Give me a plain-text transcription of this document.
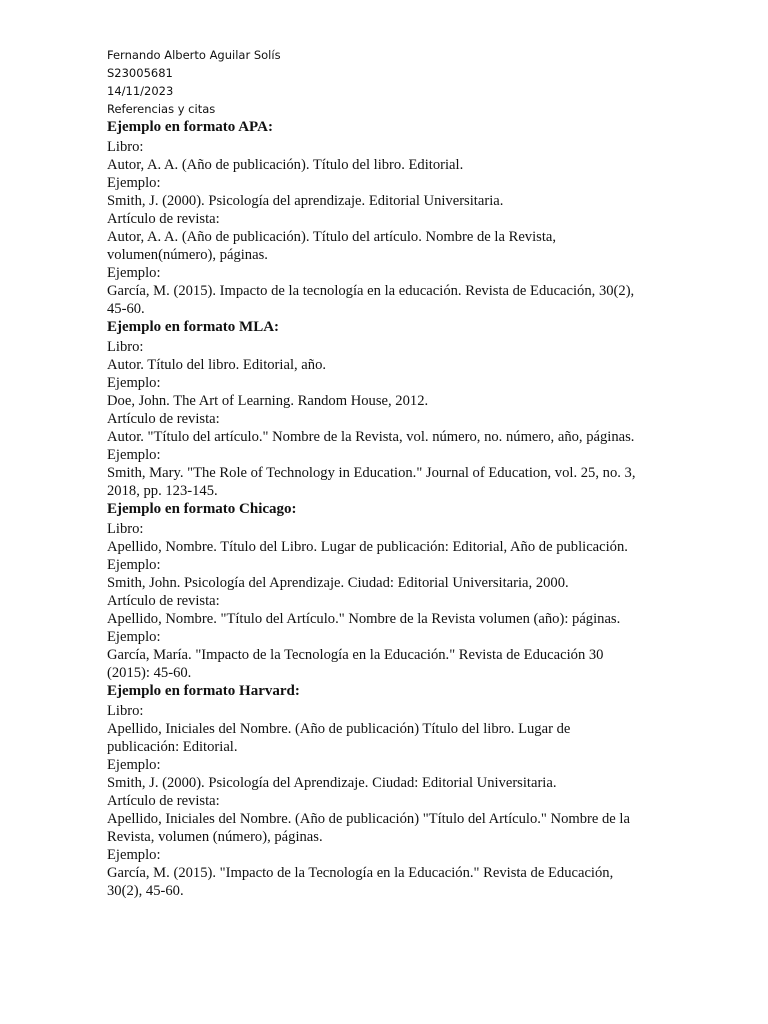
Fernando Alberto Aguilar Solís
S23005681
14/11/2023
Referencias y citas
Ejemplo en formato APA:
Libro:
Autor, A. A. (Año de publicación). Título del libro. Editorial.
Ejemplo:
Smith, J. (2000). Psicología del aprendizaje. Editorial Universitaria.
Artículo de revista:
Autor, A. A. (Año de publicación). Título del artículo. Nombre de la Revista,
volumen(número), páginas.
Ejemplo:
García, M. (2015). Impacto de la tecnología en la educación. Revista de Educación, 30(2),
45-60.
Ejemplo en formato MLA:
Libro:
Autor. Título del libro. Editorial, año.
Ejemplo:
Doe, John. The Art of Learning. Random House, 2012.
Artículo de revista:
Autor. "Título del artículo." Nombre de la Revista, vol. número, no. número, año, páginas.
Ejemplo:
Smith, Mary. "The Role of Technology in Education." Journal of Education, vol. 25, no. 3,
2018, pp. 123-145.
Ejemplo en formato Chicago:
Libro:
Apellido, Nombre. Título del Libro. Lugar de publicación: Editorial, Año de publicación.
Ejemplo:
Smith, John. Psicología del Aprendizaje. Ciudad: Editorial Universitaria, 2000.
Artículo de revista:
Apellido, Nombre. "Título del Artículo." Nombre de la Revista volumen (año): páginas.
Ejemplo:
García, María. "Impacto de la Tecnología en la Educación." Revista de Educación 30
(2015): 45-60.
Ejemplo en formato Harvard:
Libro:
Apellido, Iniciales del Nombre. (Año de publicación) Título del libro. Lugar de
publicación: Editorial.
Ejemplo:
Smith, J. (2000). Psicología del Aprendizaje. Ciudad: Editorial Universitaria.
Artículo de revista:
Apellido, Iniciales del Nombre. (Año de publicación) "Título del Artículo." Nombre de la
Revista, volumen (número), páginas.
Ejemplo:
García, M. (2015). "Impacto de la Tecnología en la Educación." Revista de Educación,
30(2), 45-60.
